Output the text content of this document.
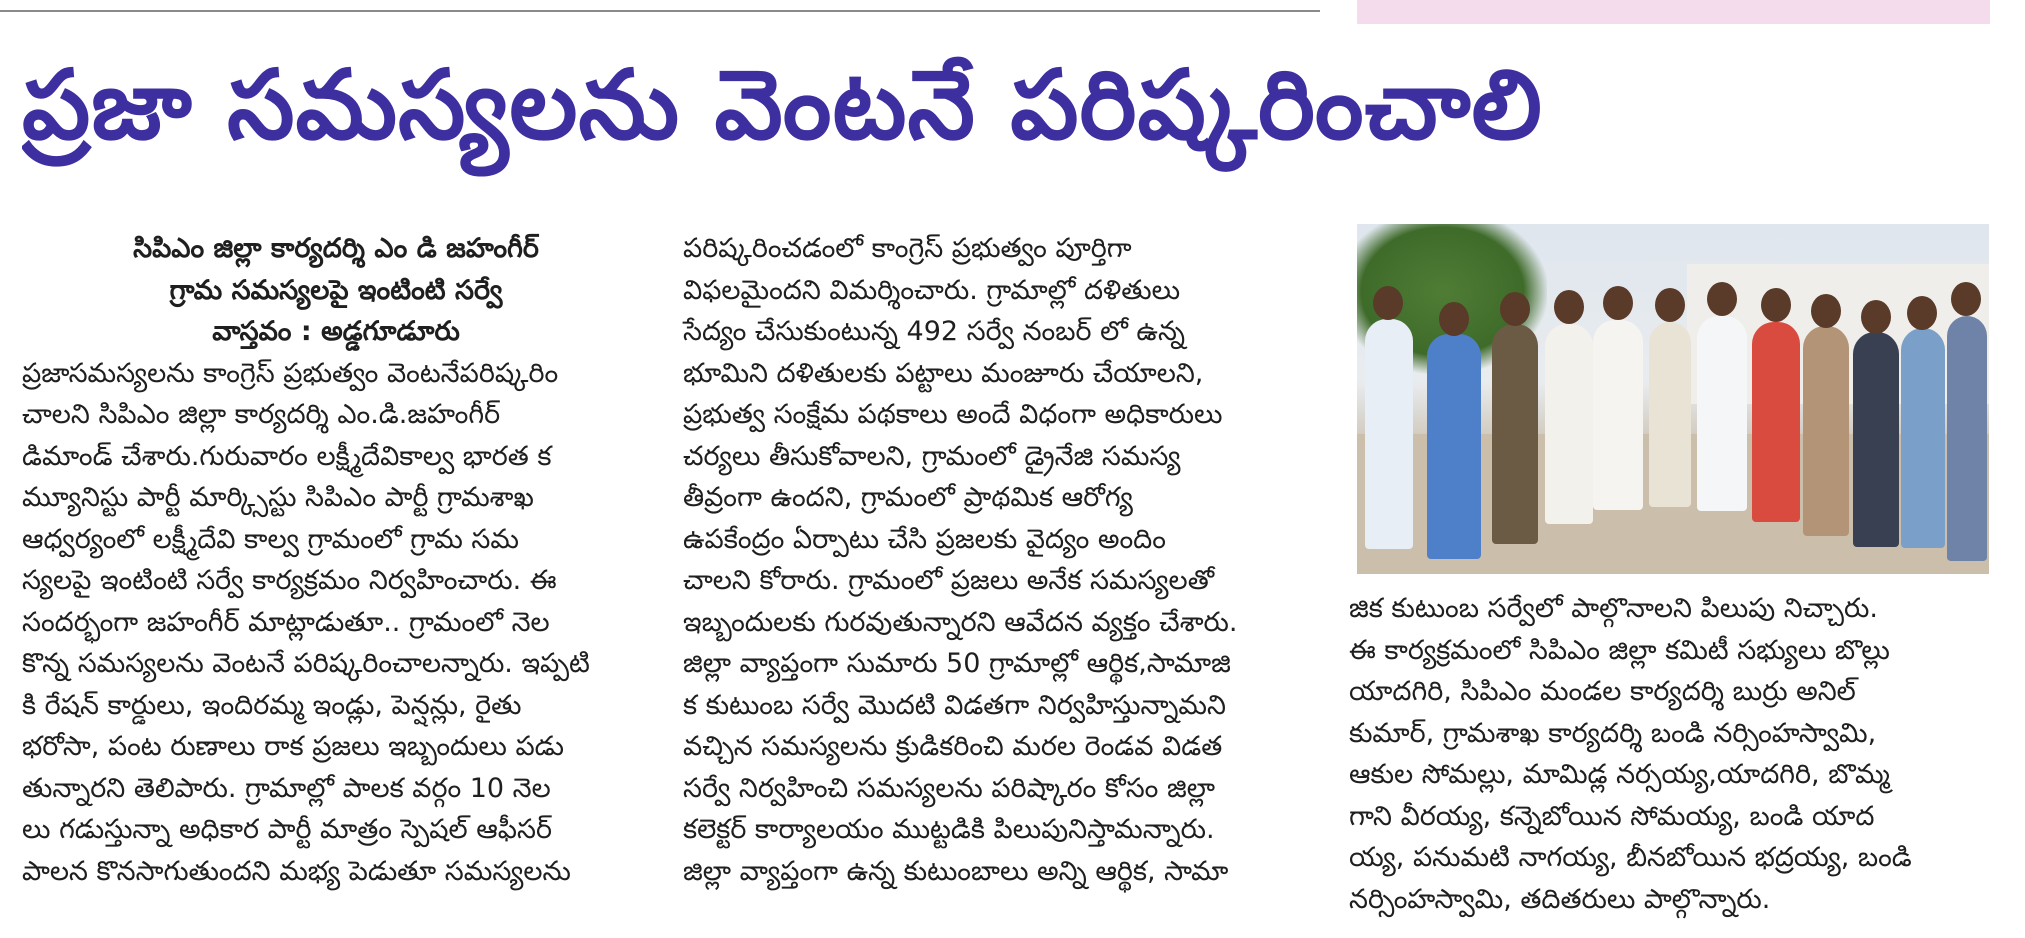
ప్రజా సమస్యలను వెంటనే పరిష్కరించాలి

సిపిఎం జిల్లా కార్యదర్శి ఎం డి జహంగీర్

గ్రామ సమస్యలపై ఇంటింటి సర్వే

వాస్తవం : అడ్డగూడూరు

ప్రజాసమస్యలను కాంగ్రెస్ ప్రభుత్వం వెంటనేపరిష్కరిం

చాలని సిపిఎం జిల్లా కార్యదర్శి ఎం.డి.జహంగీర్

డిమాండ్ చేశారు.గురువారం లక్ష్మీదేవికాల్వ భారత క

మ్యూనిస్టు పార్టీ మార్క్సిస్టు సిపిఎం పార్టీ గ్రామశాఖ

ఆధ్వర్యంలో లక్ష్మీదేవి కాల్వ గ్రామంలో గ్రామ సమ

స్యలపై ఇంటింటి సర్వే కార్యక్రమం నిర్వహించారు. ఈ

సందర్భంగా జహంగీర్ మాట్లాడుతూ.. గ్రామంలో నెల

కొన్న సమస్యలను వెంటనే పరిష్కరించాలన్నారు. ఇప్పటి

కి రేషన్ కార్డులు, ఇందిరమ్మ ఇండ్లు, పెన్షన్లు, రైతు

భరోసా, పంట రుణాలు రాక ప్రజలు ఇబ్బందులు పడు

తున్నారని తెలిపారు. గ్రామాల్లో పాలక వర్గం 10 నెల

లు గడుస్తున్నా అధికార పార్టీ మాత్రం స్పెషల్ ఆఫీసర్

పాలన కొనసాగుతుందని మభ్య పెడుతూ సమస్యలను

పరిష్కరించడంలో కాంగ్రెస్ ప్రభుత్వం పూర్తిగా

విఫలమైందని విమర్శించారు. గ్రామాల్లో దళితులు

సేద్యం చేసుకుంటున్న 492 సర్వే నంబర్ లో ఉన్న

భూమిని దళితులకు పట్టాలు మంజూరు చేయాలని,

ప్రభుత్వ సంక్షేమ పథకాలు అందే విధంగా అధికారులు

చర్యలు తీసుకోవాలని, గ్రామంలో డ్రైనేజి సమస్య

తీవ్రంగా ఉందని, గ్రామంలో ప్రాథమిక ఆరోగ్య

ఉపకేంద్రం ఏర్పాటు చేసి ప్రజలకు వైద్యం అందిం

చాలని కోరారు. గ్రామంలో ప్రజలు అనేక సమస్యలతో

ఇబ్బందులకు గురవుతున్నారని ఆవేదన వ్యక్తం చేశారు.

జిల్లా వ్యాప్తంగా సుమారు 50 గ్రామాల్లో ఆర్థిక,సామాజి

క కుటుంబ సర్వే మొదటి విడతగా నిర్వహిస్తున్నామని

వచ్చిన సమస్యలను క్రుడికరించి మరల రెండవ విడత

సర్వే నిర్వహించి సమస్యలను పరిష్కారం కోసం జిల్లా

కలెక్టర్ కార్యాలయం ముట్టడికి పిలుపునిస్తామన్నారు.

జిల్లా వ్యాప్తంగా ఉన్న కుటుంబాలు అన్ని ఆర్థిక, సామా

జిక కుటుంబ సర్వేలో పాల్గొనాలని పిలుపు నిచ్చారు.

ఈ కార్యక్రమంలో సిపిఎం జిల్లా కమిటీ సభ్యులు బొల్లు

యాదగిరి, సిపిఎం మండల కార్యదర్శి బుర్రు అనిల్

కుమార్, గ్రామశాఖ కార్యదర్శి బండి నర్సింహస్వామి,

ఆకుల సోమల్లు, మామిడ్ల నర్సయ్య,యాదగిరి, బొమ్మ

గాని వీరయ్య, కన్నెబోయిన సోమయ్య, బండి యాద

య్య, పనుమటి నాగయ్య, బీనబోయిన భద్రయ్య, బండి

నర్సింహస్వామి, తదితరులు పాల్గొన్నారు.
